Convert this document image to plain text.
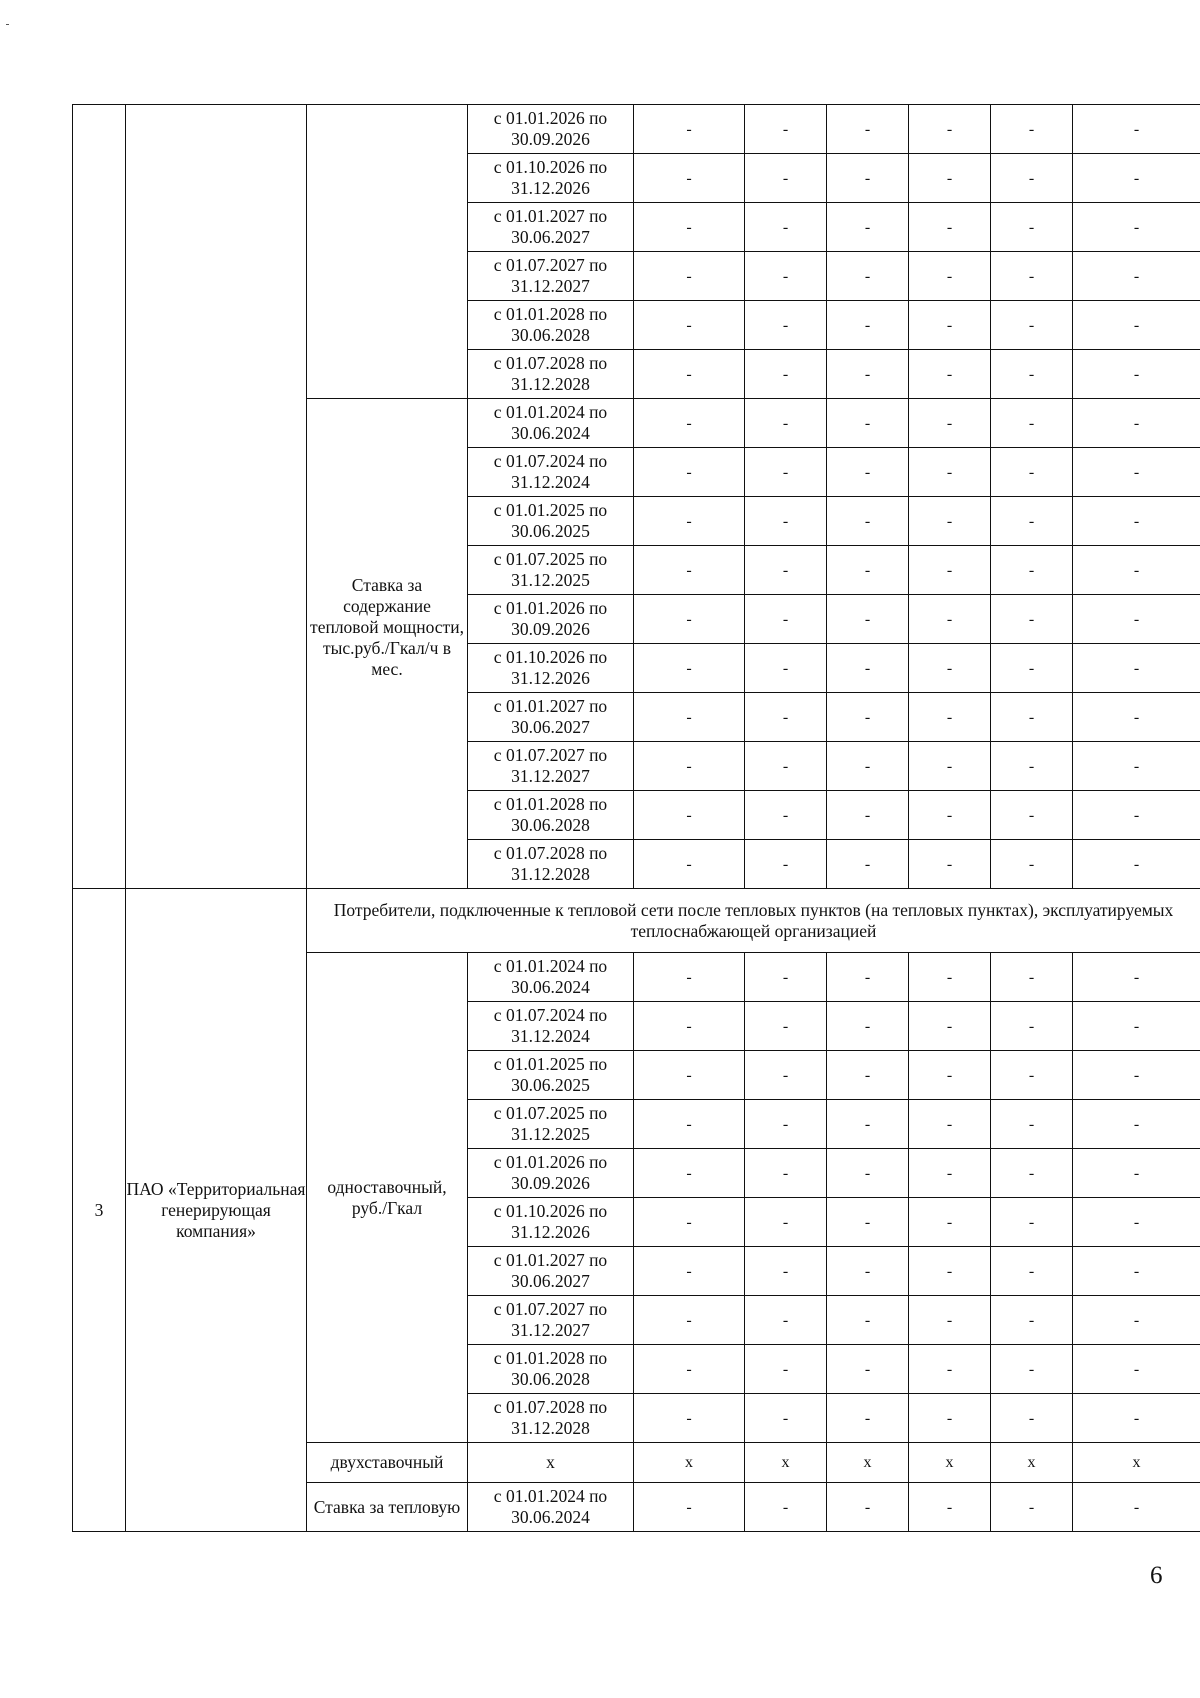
			с 01.01.2026 по 30.09.2026	-	-	-	-	-	-
			с 01.10.2026 по 31.12.2026	-	-	-	-	-	-
			с 01.01.2027 по 30.06.2027	-	-	-	-	-	-
			с 01.07.2027 по 31.12.2027	-	-	-	-	-	-
			с 01.01.2028 по 30.06.2028	-	-	-	-	-	-
			с 01.07.2028 по 31.12.2028	-	-	-	-	-	-
		Ставка за содержание тепловой мощности, тыс.руб./Гкал/ч в мес.	с 01.01.2024 по 30.06.2024	-	-	-	-	-	-
			с 01.07.2024 по 31.12.2024	-	-	-	-	-	-
			с 01.01.2025 по 30.06.2025	-	-	-	-	-	-
			с 01.07.2025 по 31.12.2025	-	-	-	-	-	-
			с 01.01.2026 по 30.09.2026	-	-	-	-	-	-
			с 01.10.2026 по 31.12.2026	-	-	-	-	-	-
			с 01.01.2027 по 30.06.2027	-	-	-	-	-	-
			с 01.07.2027 по 31.12.2027	-	-	-	-	-	-
			с 01.01.2028 по 30.06.2028	-	-	-	-	-	-
			с 01.07.2028 по 31.12.2028	-	-	-	-	-	-
3	ПАО «Территориальная генерирующая компания»	Потребители, подключенные к тепловой сети после тепловых пунктов (на тепловых пунктах), эксплуатируемых теплоснабжающей организацией							
		одноставочный, руб./Гкал	с 01.01.2024 по 30.06.2024	-	-	-	-	-	-
			с 01.07.2024 по 31.12.2024	-	-	-	-	-	-
			с 01.01.2025 по 30.06.2025	-	-	-	-	-	-
			с 01.07.2025 по 31.12.2025	-	-	-	-	-	-
			с 01.01.2026 по 30.09.2026	-	-	-	-	-	-
			с 01.10.2026 по 31.12.2026	-	-	-	-	-	-
			с 01.01.2027 по 30.06.2027	-	-	-	-	-	-
			с 01.07.2027 по 31.12.2027	-	-	-	-	-	-
			с 01.01.2028 по 30.06.2028	-	-	-	-	-	-
			с 01.07.2028 по 31.12.2028	-	-	-	-	-	-
		двухставочный	x	x	x	x	x	x	x
		Ставка за тепловую	с 01.01.2024 по 30.06.2024	-	-	-	-	-	-
6
